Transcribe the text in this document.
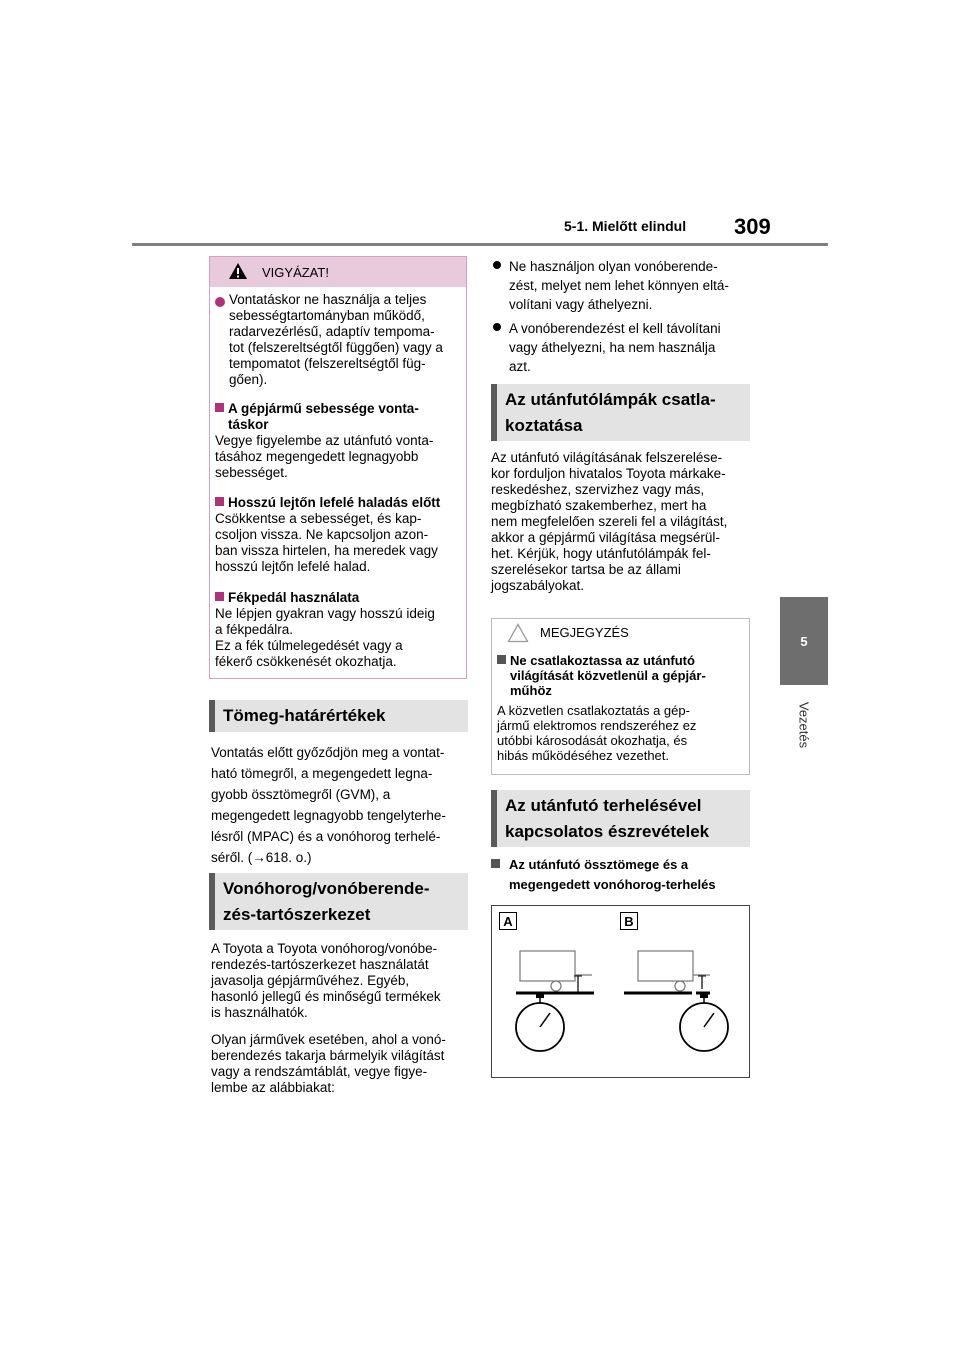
5-1. Mielőtt elindul 309
5
Vezetés
VIGYÁZAT!
Vontatáskor ne használja a teljes
sebességtartományban működő,
radarvezérlésű, adaptív tempoma-
tot (felszereltségtől függően) vagy a
tempomatot (felszereltségtől füg-
gően).
A gépjármű sebessége vonta-
táskor
Vegye figyelembe az utánfutó vonta-
tásához megengedett legnagyobb
sebességet.
Hosszú lejtőn lefelé haladás előtt
Csökkentse a sebességet, és kap-
csoljon vissza. Ne kapcsoljon azon-
ban vissza hirtelen, ha meredek vagy
hosszú lejtőn lefelé halad.
Fékpedál használata
Ne lépjen gyakran vagy hosszú ideig
a fékpedálra.
Ez a fék túlmelegedését vagy a
fékerő csökkenését okozhatja.
Tömeg-határértékek
Vontatás előtt győződjön meg a vontat-
ható tömegről, a megengedett legna-
gyobb össztömegről (GVM), a
megengedett legnagyobb tengelyterhe-
lésről (MPAC) és a vonóhorog terhelé-
séről. (→618. o.)
Vonóhorog/vonóberende-
zés-tartószerkezet
A Toyota a Toyota vonóhorog/vonóbe-
rendezés-tartószerkezet használatát
javasolja gépjárművéhez. Egyéb,
hasonló jellegű és minőségű termékek
is használhatók.
Olyan járművek esetében, ahol a vonó-
berendezés takarja bármelyik világítást
vagy a rendszámtáblát, vegye figye-
lembe az alábbiakat:
Ne használjon olyan vonóberende-
zést, melyet nem lehet könnyen eltá-
volítani vagy áthelyezni.
A vonóberendezést el kell távolítani
vagy áthelyezni, ha nem használja
azt.
Az utánfutólámpák csatla-
koztatása
Az utánfutó világításának felszerelése-
kor forduljon hivatalos Toyota márkake-
reskedéshez, szervizhez vagy más,
megbízható szakemberhez, mert ha
nem megfelelően szereli fel a világítást,
akkor a gépjármű világítása megsérül-
het. Kérjük, hogy utánfutólámpák fel-
szerelésekor tartsa be az állami
jogszabályokat.
MEGJEGYZÉS
Ne csatlakoztassa az utánfutó
világítását közvetlenül a gépjár-
műhöz
A közvetlen csatlakoztatás a gép-
jármű elektromos rendszeréhez ez
utóbbi károsodását okozhatja, és
hibás működéséhez vezethet.
Az utánfutó terhelésével
kapcsolatos észrevételek
Az utánfutó össztömege és a
megengedett vonóhorog-terhelés
A	B
